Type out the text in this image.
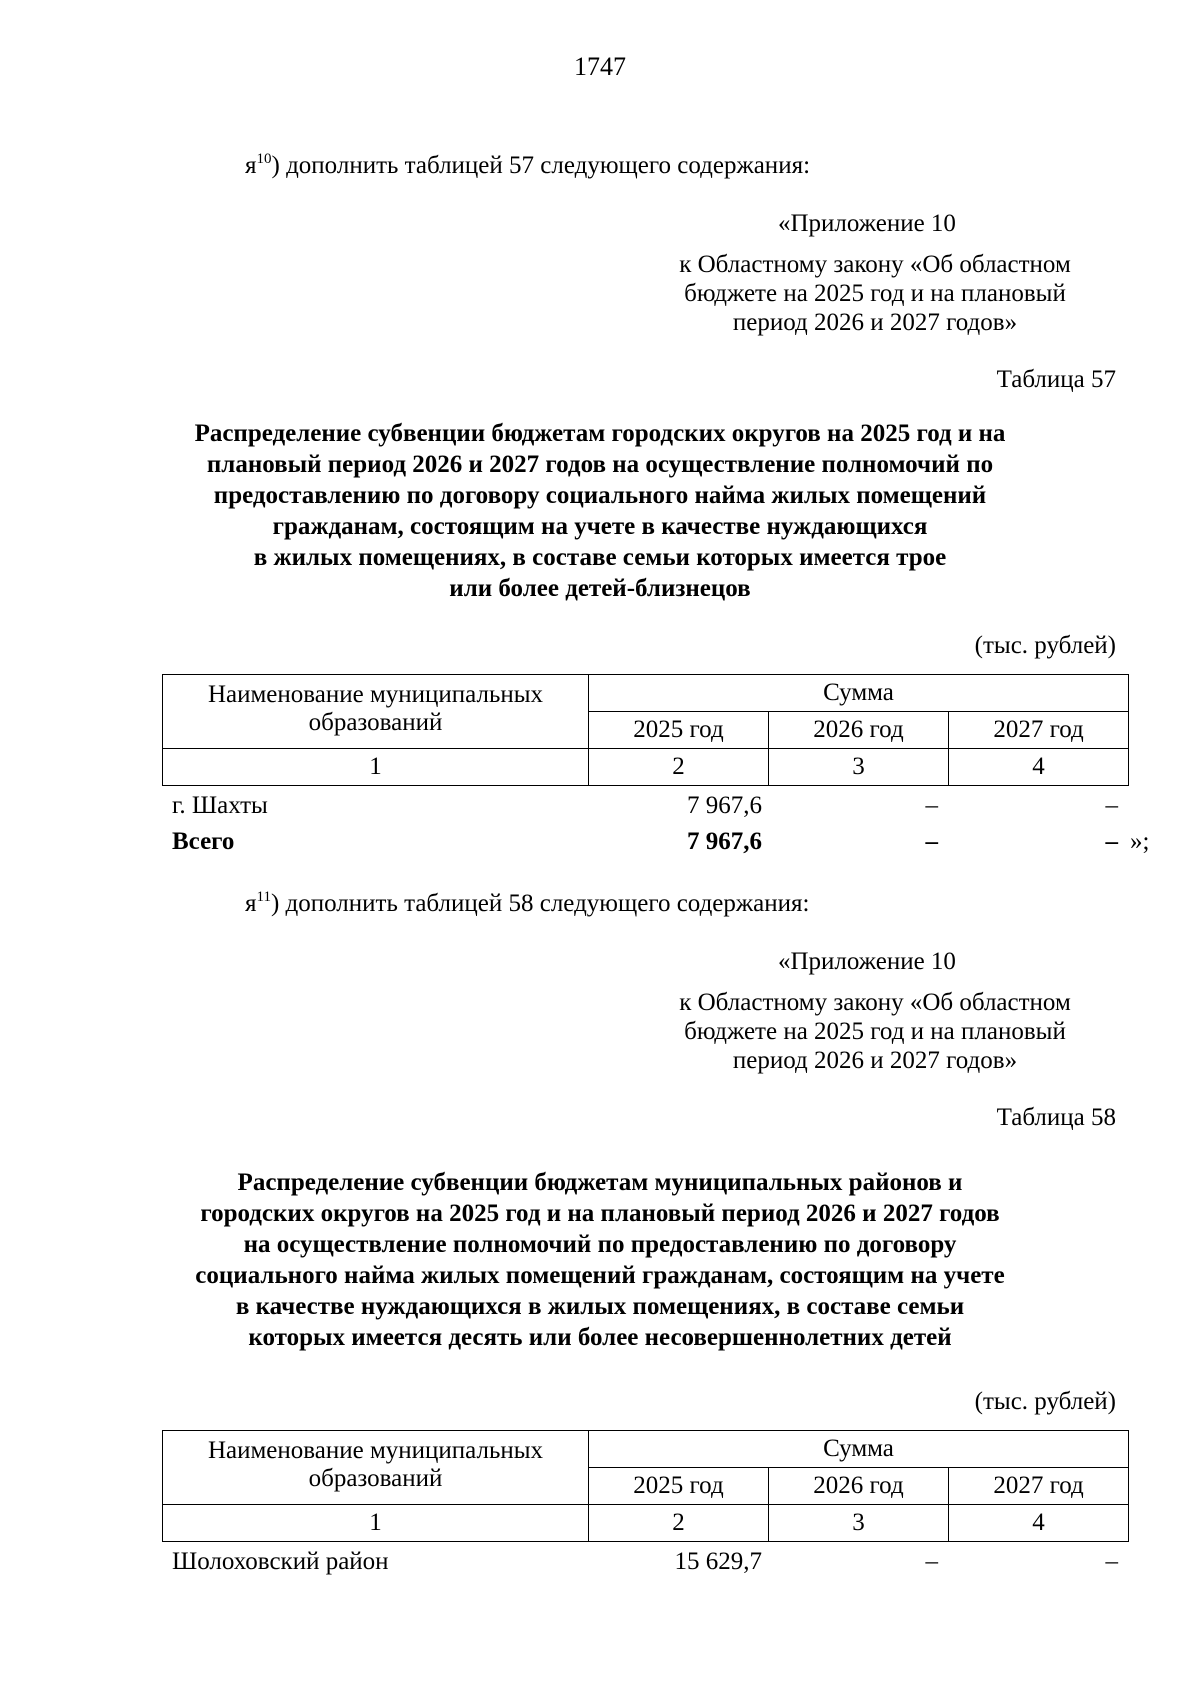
1747
$я^{10}$) дополнить таблицей 57 следующего содержания:
«Приложение 10
к Областному закону «Об областном
бюджете на 2025 год и на плановый
период 2026 и 2027 годов»
Таблица 57
Распределение субвенции бюджетам городских округов на 2025 год и на
плановый период 2026 и 2027 годов на осуществление полномочий по
предоставлению по договору социального найма жилых помещений
гражданам, состоящим на учете в качестве нуждающихся
в жилых помещениях, в составе семьи которых имеется трое
или более детей-близнецов
(тыс. рублей)
Наименование муниципальных
образований	Сумма		
	2025 год	2026 год	2027 год
1	2	3	4
г. Шахты	7 967,6	–	–
Всего	7 967,6	–	– »;
$я^{11}$) дополнить таблицей 58 следующего содержания:
«Приложение 10
к Областному закону «Об областном
бюджете на 2025 год и на плановый
период 2026 и 2027 годов»
Таблица 58
Распределение субвенции бюджетам муниципальных районов и
городских округов на 2025 год и на плановый период 2026 и 2027 годов
на осуществление полномочий по предоставлению по договору
социального найма жилых помещений гражданам, состоящим на учете
в качестве нуждающихся в жилых помещениях, в составе семьи
которых имеется десять или более несовершеннолетних детей
(тыс. рублей)
Наименование муниципальных
образований	Сумма		
	2025 год	2026 год	2027 год
1	2	3	4
Шолоховский район	15 629,7	–	–
